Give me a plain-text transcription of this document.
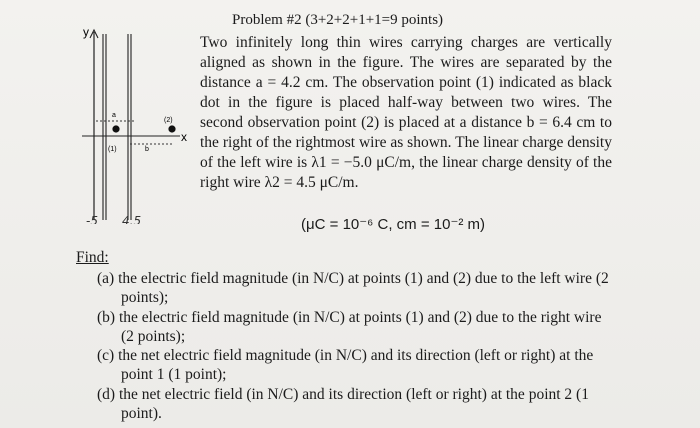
y
x
a
b
(1)
(2)
-5 4.5
Problem #2 (3+2+2+1+1=9 points)

Two infinitely long thin wires carrying charges are vertically aligned as shown in the figure. The wires are separated by the distance a = 4.2 cm. The observation point (1) indicated as black dot in the figure is placed half-way between two wires. The second observation point (2) is placed at a distance b = 6.4 cm to the right of the rightmost wire as shown. The linear charge density of the left wire is λ1 = −5.0 μC/m, the linear charge density of the right wire λ2 = 4.5 μC/m.

(μC = 10⁻⁶ C, cm = 10⁻² m)
Find:
(a) the electric field magnitude (in N/C) at points (1) and (2) due to the left wire (2 points);
(b) the electric field magnitude (in N/C) at points (1) and (2) due to the right wire (2 points);
(c) the net electric field magnitude (in N/C) and its direction (left or right) at the point 1 (1 point);
(d) the net electric field (in N/C) and its direction (left or right) at the point 2 (1 point).
